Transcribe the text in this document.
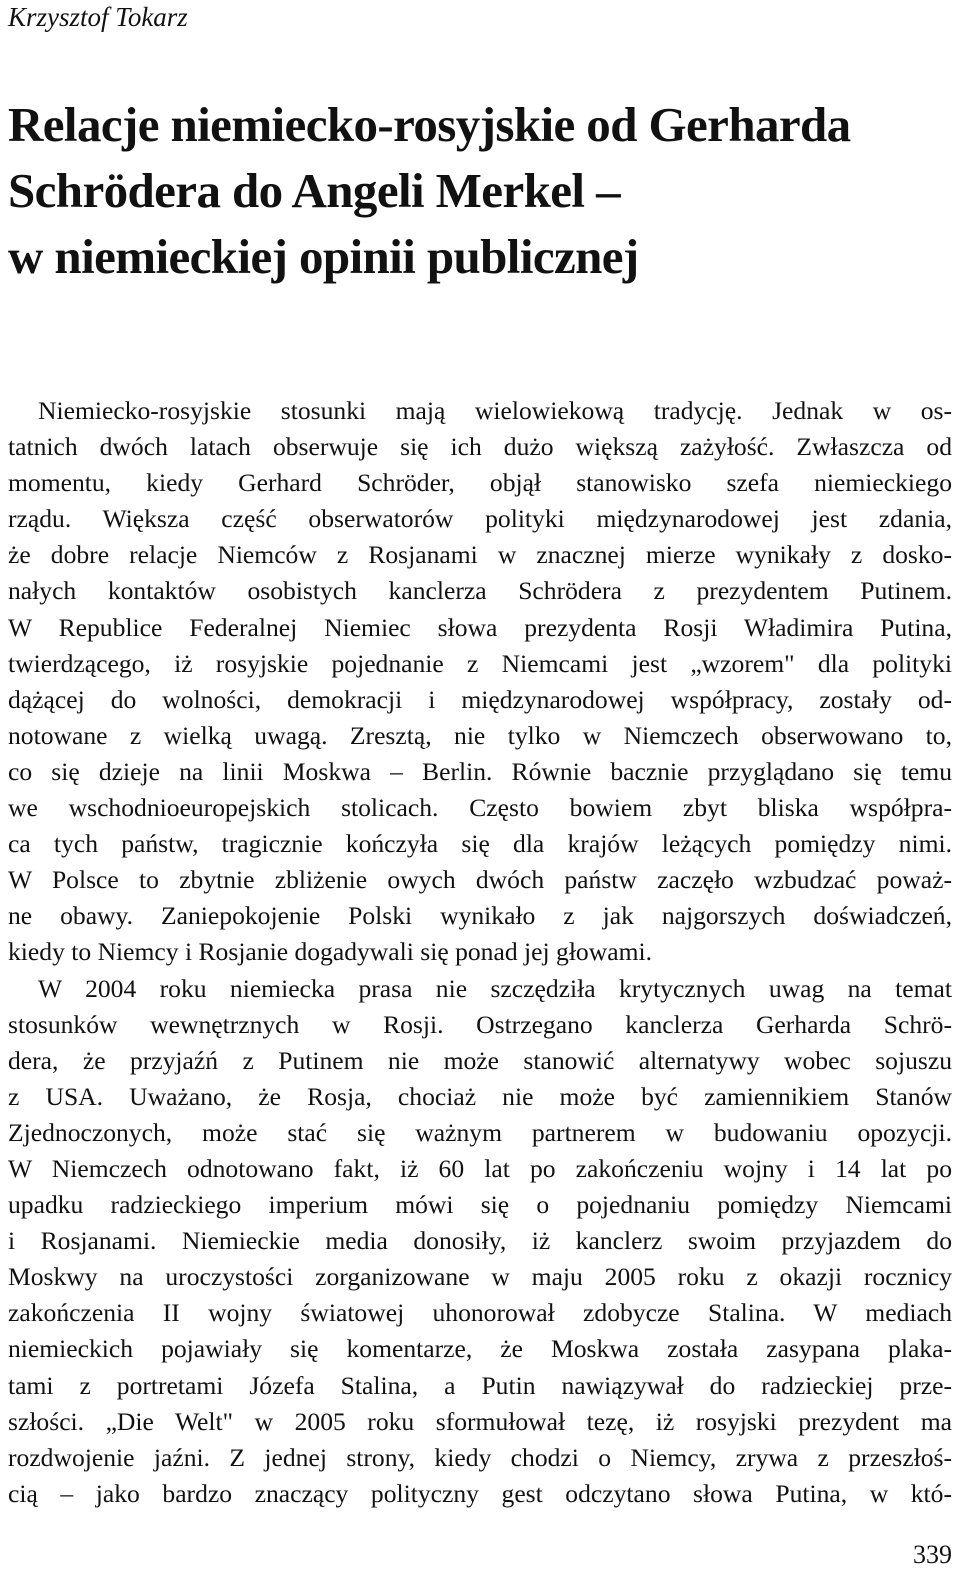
Krzysztof Tokarz
Relacje niemiecko-rosyjskie od Gerharda
Schrödera do Angeli Merkel –
w niemieckiej opinii publicznej
Niemiecko-rosyjskie stosunki mają wielowiekową tradycję. Jednak w os-
tatnich dwóch latach obserwuje się ich dużo większą zażyłość. Zwłaszcza od
momentu, kiedy Gerhard Schröder, objął stanowisko szefa niemieckiego
rządu. Większa część obserwatorów polityki międzynarodowej jest zdania,
że dobre relacje Niemców z Rosjanami w znacznej mierze wynikały z dosko-
nałych kontaktów osobistych kanclerza Schrödera z prezydentem Putinem.
W Republice Federalnej Niemiec słowa prezydenta Rosji Władimira Putina,
twierdzącego, iż rosyjskie pojednanie z Niemcami jest „wzorem" dla polityki
dążącej do wolności, demokracji i międzynarodowej współpracy, zostały od-
notowane z wielką uwagą. Zresztą, nie tylko w Niemczech obserwowano to,
co się dzieje na linii Moskwa – Berlin. Równie bacznie przyglądano się temu
we wschodnioeuropejskich stolicach. Często bowiem zbyt bliska współpra-
ca tych państw, tragicznie kończyła się dla krajów leżących pomiędzy nimi.
W Polsce to zbytnie zbliżenie owych dwóch państw zaczęło wzbudzać poważ-
ne obawy. Zaniepokojenie Polski wynikało z jak najgorszych doświadczeń,
kiedy to Niemcy i Rosjanie dogadywali się ponad jej głowami.
W 2004 roku niemiecka prasa nie szczędziła krytycznych uwag na temat
stosunków wewnętrznych w Rosji. Ostrzegano kanclerza Gerharda Schrö-
dera, że przyjaźń z Putinem nie może stanowić alternatywy wobec sojuszu
z USA. Uważano, że Rosja, chociaż nie może być zamiennikiem Stanów
Zjednoczonych, może stać się ważnym partnerem w budowaniu opozycji.
W Niemczech odnotowano fakt, iż 60 lat po zakończeniu wojny i 14 lat po
upadku radzieckiego imperium mówi się o pojednaniu pomiędzy Niemcami
i Rosjanami. Niemieckie media donosiły, iż kanclerz swoim przyjazdem do
Moskwy na uroczystości zorganizowane w maju 2005 roku z okazji rocznicy
zakończenia II wojny światowej uhonorował zdobycze Stalina. W mediach
niemieckich pojawiały się komentarze, że Moskwa została zasypana plaka-
tami z portretami Józefa Stalina, a Putin nawiązywał do radzieckiej prze-
szłości. „Die Welt" w 2005 roku sformułował tezę, iż rosyjski prezydent ma
rozdwojenie jaźni. Z jednej strony, kiedy chodzi o Niemcy, zrywa z przeszłoś-
cią – jako bardzo znaczący polityczny gest odczytano słowa Putina, w któ-
339
